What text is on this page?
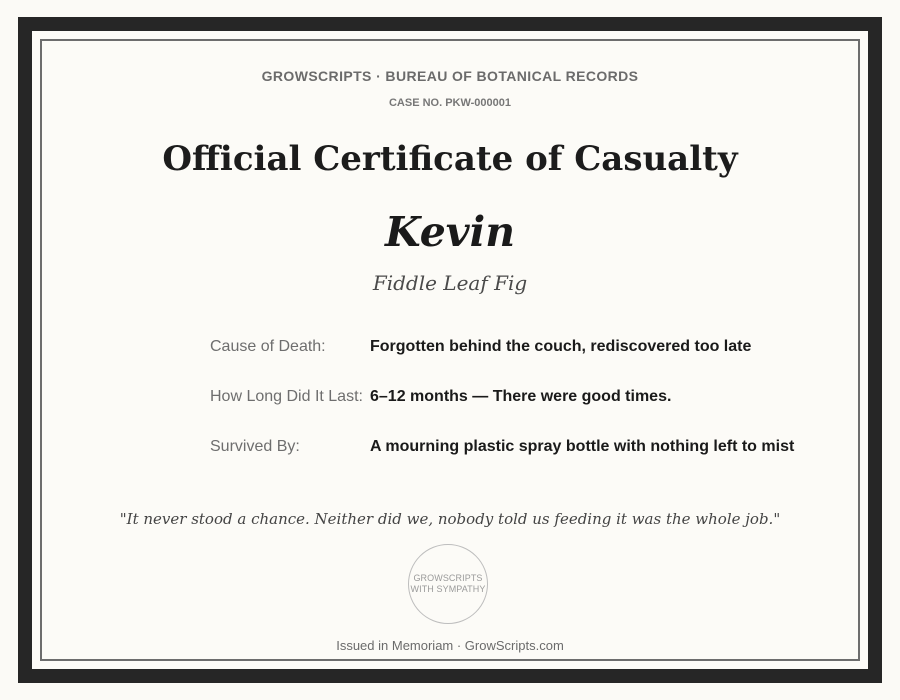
GROWSCRIPTS · BUREAU OF BOTANICAL RECORDS
CASE NO. PKW-000001
Official Certificate of Casualty
Kevin
Fiddle Leaf Fig
Cause of Death:	Forgotten behind the couch, rediscovered too late
How Long Did It Last: 6–12 months — There were good times.
Survived By:	A mourning plastic spray bottle with nothing left to mist
"It never stood a chance. Neither did we, nobody told us feeding it was the whole job."
GROWSCRIPTS
WITH SYMPATHY
Issued in Memoriam · GrowScripts.com
